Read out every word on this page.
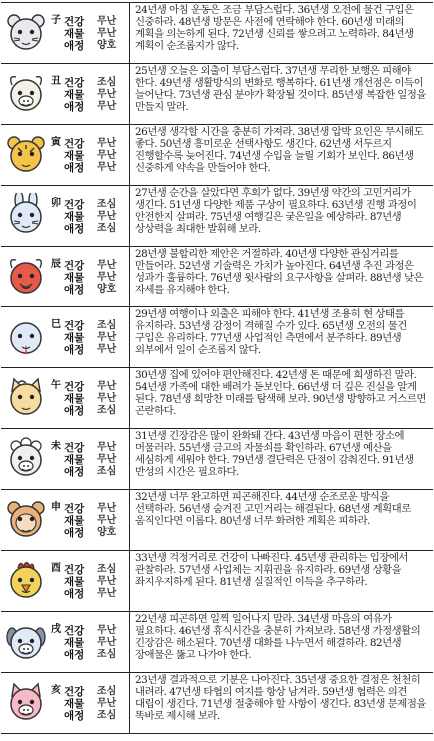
子 건강
재물
애정
무난
무난
양호
24년생 아침 운동은 조금 부담스럽다. 36년생 오전에 물건 구입은 신중하라. 48년생 방문은 사전에 연락해야 한다. 60년생 미래의 계획을 의논하게 된다. 72년생 신뢰를 쌓으려고 노력하라. 84년생 계획이 순조롭지가 않다.
丑 건강
재물
애정
조심
무난
무난
25년생 오늘은 외출이 부담스럽다. 37년생 무리한 보행은 피해야 한다. 49년생 생활방식의 변화로 행복하다. 61년생 개선점은 이득이 늘어난다. 73년생 관심 분야가 확장될 것이다. 85년생 복잡한 일정을 만들지 말라.
寅 건강
재물
애정
무난
무난
무난
26년생 생각할 시간을 충분히 가져라. 38년생 압박 요인은 무시해도 좋다. 50년생 흥미로운 선택사항도 생긴다. 62년생 서두르지 진행할수록 늦어진다. 74년생 수입을 늘릴 기회가 보인다. 86년생 신중하게 약속을 만들어야 한다.
卯 건강
재물
애정
조심
무난
조심
27년생 순간을 살았다면 후회가 없다. 39년생 약간의 고민거리가 생긴다. 51년생 다양한 제품 구상이 필요하다. 63년생 진행 과정이 안전한지 살펴라. 75년생 여행길은 궂은일을 예상하라. 87년생 상상력을 최대한 발휘해 보라.
辰 건강
재물
애정
무난
무난
양호
28년생 불합리한 제안은 거절하라. 40년생 다양한 관심거리를 만들어라. 52년생 기술력은 가치가 높아진다. 64년생 추진 과정은 성과가 훌륭하다. 76년생 윗사람의 요구사항을 살펴라. 88년생 낮은 자세를 유지해야 한다.
巳 건강
재물
애정
조심
무난
무난
29년생 여행이나 외출은 피해야 한다. 41년생 조용히 현 상태를 유지하라. 53년생 감정이 격해질 수가 있다. 65년생 오전의 물건 구입은 유리하다. 77년생 사업적인 측면에서 분주하다. 89년생 외부에서 일이 순조롭지 않다.
午 건강
재물
애정
무난
무난
조심
30년생 집에 있어야 편안해진다. 42년생 돈 때문에 희생하진 말라. 54년생 가족에 대한 배려가 돋보인다. 66년생 더 깊은 진실을 알게 된다. 78년생 희망찬 미래를 탐색해 보라. 90년생 방향하고 거스르면 곤란하다.
未 건강
재물
애정
무난
무난
조심
31년생 긴장감은 많이 완화돼 간다. 43년생 마음이 편한 장소에 머물러라. 55년생 금고의 자물쇠를 확인하라. 67년생 예산을 세심하게 세워야 한다. 79년생 결단력은 단점이 감춰진다. 91년생 반성의 시간은 필요하다.
申 건강
재물
애정
무난
무난
양호
32년생 너무 완고하면 피곤해진다. 44년생 순조로운 방식을 선택하라. 56년생 숨겨진 고민거리는 해결된다. 68년생 계획대로 움직인다면 이롭다. 80년생 너무 화려한 계획은 피하라.
酉 건강
재물
애정
조심
무난
무난
33년생 걱정거리로 건강이 나빠진다. 45년생 관리하는 입장에서 관찰하라. 57년생 사업체는 지휘권을 유지하라. 69년생 상황을 좌지우지하게 된다. 81년생 실질적인 이득을 추구하라.
戌 건강
재물
애정
무난
무난
조심
22년생 피곤하면 일찍 일어나지 말라. 34년생 마음의 여유가 필요하다. 46년생 휴식시간을 충분히 가져보라. 58년생 가정생활의 긴장감은 해소된다. 70년생 대화를 나누면서 해결하라. 82년생 장애물은 뚫고 나가야 한다.
亥 건강
재물
애정
조심
무난
조심
23년생 결과적으로 기분은 나아진다. 35년생 중요한 결정은 천천히 내려라. 47년생 타협의 여지를 항상 남겨라. 59년생 협력은 의견 대립이 생긴다. 71년생 절충해야 할 사항이 생긴다. 83년생 문제점을 똑바로 제시해 보라.
